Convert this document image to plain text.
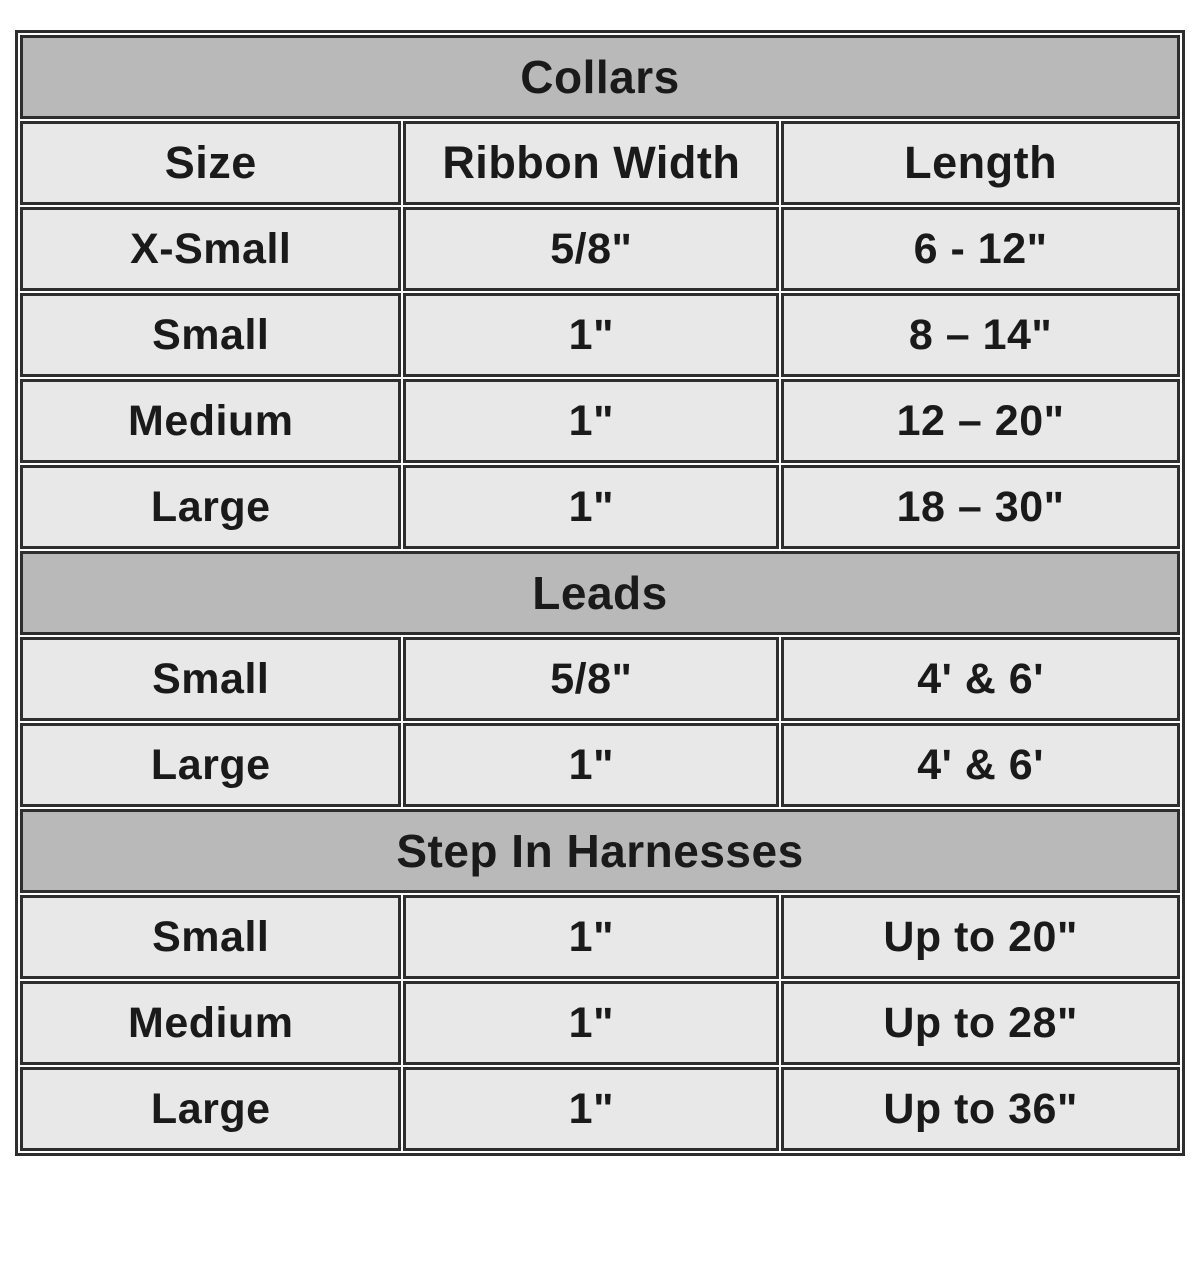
Collars		
Size	Ribbon Width	Length
X-Small	5/8"	6 - 12"
Small	1"	8 – 14"
Medium	1"	12 – 20"
Large	1"	18 – 30"
Leads		
Small	5/8"	4' & 6'
Large	1"	4' & 6'
Step In Harnesses		
Small	1"	Up to 20"
Medium	1"	Up to 28"
Large	1"	Up to 36"
